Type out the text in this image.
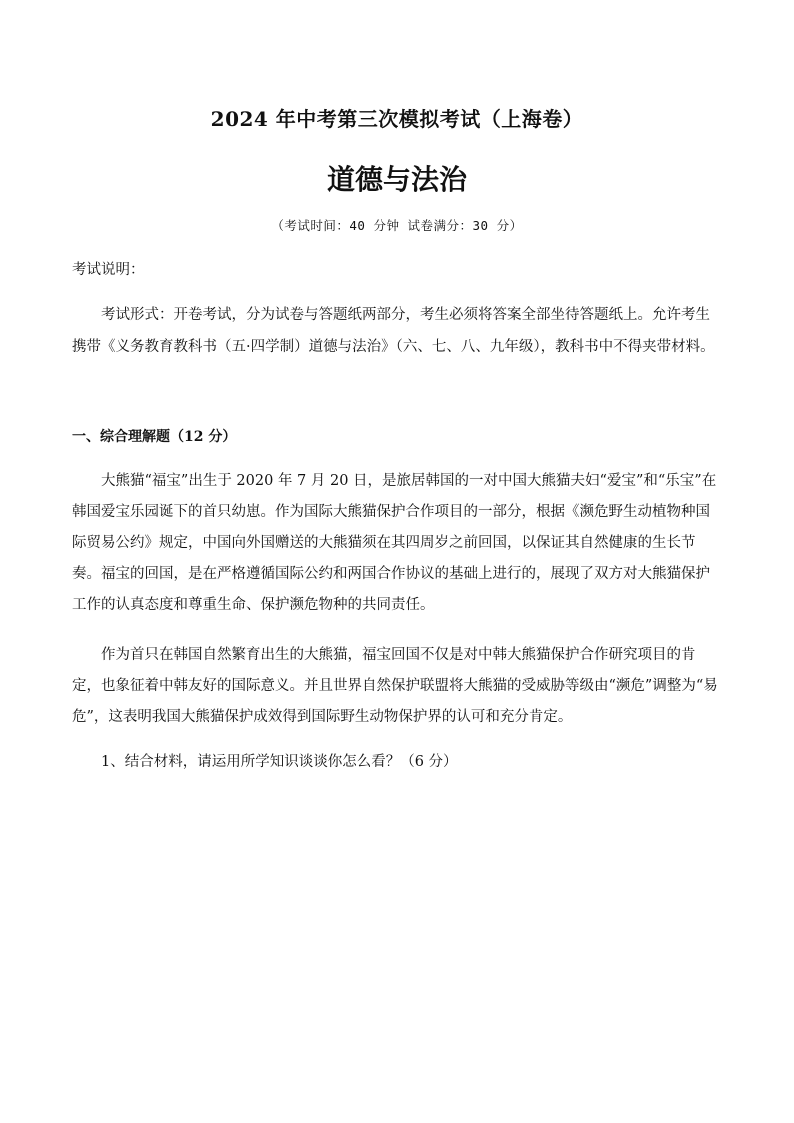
2024 年中考第三次模拟考试（上海卷）
道德与法治
（考试时间：40 分钟 试卷满分：30 分）
考试说明：
考试形式：开卷考试，分为试卷与答题纸两部分，考生必须将答案全部坐待答题纸上。允许考生携带《义务教育教科书（五·四学制）道德与法治》（六、七、八、九年级），教科书中不得夹带材料。
一、综合理解题（12 分）
大熊猫“福宝”出生于 2020 年 7 月 20 日，是旅居韩国的一对中国大熊猫夫妇“爱宝”和“乐宝”在韩国爱宝乐园诞下的首只幼崽。作为国际大熊猫保护合作项目的一部分，根据《濒危野生动植物种国际贸易公约》规定，中国向外国赠送的大熊猫须在其四周岁之前回国，以保证其自然健康的生长节奏。福宝的回国，是在严格遵循国际公约和两国合作协议的基础上进行的，展现了双方对大熊猫保护工作的认真态度和尊重生命、保护濒危物种的共同责任。
作为首只在韩国自然繁育出生的大熊猫，福宝回国不仅是对中韩大熊猫保护合作研究项目的肯定，也象征着中韩友好的国际意义。并且世界自然保护联盟将大熊猫的受威胁等级由“濒危”调整为“易危”，这表明我国大熊猫保护成效得到国际野生动物保护界的认可和充分肯定。
1、结合材料，请运用所学知识谈谈你怎么看？（6 分）
